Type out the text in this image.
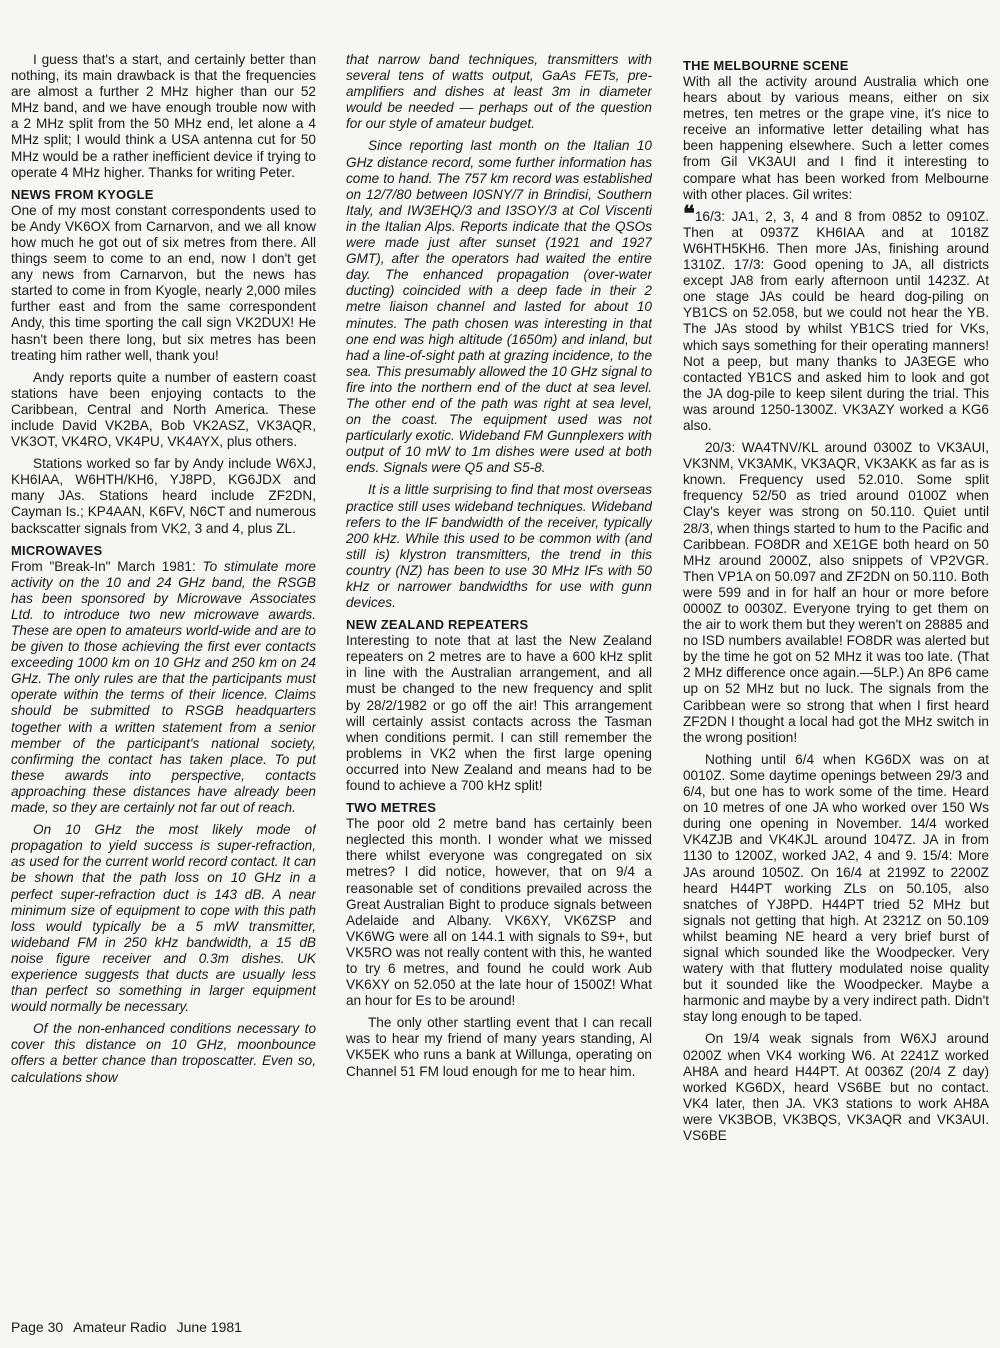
I guess that's a start, and certainly better than nothing, its main drawback is that the frequencies are almost a further 2 MHz higher than our 52 MHz band, and we have enough trouble now with a 2 MHz split from the 50 MHz end, let alone a 4 MHz split; I would think a USA antenna cut for 50 MHz would be a rather inefficient device if trying to operate 4 MHz higher. Thanks for writing Peter.

NEWS FROM KYOGLE

One of my most constant correspondents used to be Andy VK6OX from Carnarvon, and we all know how much he got out of six metres from there. All things seem to come to an end, now I don't get any news from Carnarvon, but the news has started to come in from Kyogle, nearly 2,000 miles further east and from the same correspondent Andy, this time sporting the call sign VK2DUX! He hasn't been there long, but six metres has been treating him rather well, thank you!

Andy reports quite a number of eastern coast stations have been enjoying contacts to the Caribbean, Central and North America. These include David VK2BA, Bob VK2ASZ, VK3AQR, VK3OT, VK4RO, VK4PU, VK4AYX, plus others.

Stations worked so far by Andy include W6XJ, KH6IAA, W6HTH/KH6, YJ8PD, KG6JDX and many JAs. Stations heard include ZF2DN, Cayman Is.; KP4AAN, K6FV, N6CT and numerous backscatter signals from VK2, 3 and 4, plus ZL.

MICROWAVES

From "Break-In" March 1981: To stimulate more activity on the 10 and 24 GHz band, the RSGB has been sponsored by Microwave Associates Ltd. to introduce two new microwave awards. These are open to amateurs world-wide and are to be given to those achieving the first ever contacts exceeding 1000 km on 10 GHz and 250 km on 24 GHz. The only rules are that the participants must operate within the terms of their licence. Claims should be submitted to RSGB headquarters together with a written statement from a senior member of the participant's national society, confirming the contact has taken place. To put these awards into perspective, contacts approaching these distances have already been made, so they are certainly not far out of reach.

On 10 GHz the most likely mode of propagation to yield success is super-refraction, as used for the current world record contact. It can be shown that the path loss on 10 GHz in a perfect super-refraction duct is 143 dB. A near minimum size of equipment to cope with this path loss would typically be a 5 mW transmitter, wideband FM in 250 kHz bandwidth, a 15 dB noise figure receiver and 0.3m dishes. UK experience suggests that ducts are usually less than perfect so something in larger equipment would normally be necessary.

Of the non-enhanced conditions necessary to cover this distance on 10 GHz, moonbounce offers a better chance than troposcatter. Even so, calculations show

that narrow band techniques, transmitters with several tens of watts output, GaAs FETs, pre-amplifiers and dishes at least 3m in diameter would be needed — perhaps out of the question for our style of amateur budget.

Since reporting last month on the Italian 10 GHz distance record, some further information has come to hand. The 757 km record was established on 12/7/80 between I0SNY/7 in Brindisi, Southern Italy, and IW3EHQ/3 and I3SOY/3 at Col Viscenti in the Italian Alps. Reports indicate that the QSOs were made just after sunset (1921 and 1927 GMT), after the operators had waited the entire day. The enhanced propagation (over-water ducting) coincided with a deep fade in their 2 metre liaison channel and lasted for about 10 minutes. The path chosen was interesting in that one end was high altitude (1650m) and inland, but had a line-of-sight path at grazing incidence, to the sea. This presumably allowed the 10 GHz signal to fire into the northern end of the duct at sea level. The other end of the path was right at sea level, on the coast. The equipment used was not particularly exotic. Wideband FM Gunnplexers with output of 10 mW to 1m dishes were used at both ends. Signals were Q5 and S5-8.

It is a little surprising to find that most overseas practice still uses wideband techniques. Wideband refers to the IF bandwidth of the receiver, typically 200 kHz. While this used to be common with (and still is) klystron transmitters, the trend in this country (NZ) has been to use 30 MHz IFs with 50 kHz or narrower bandwidths for use with gunn devices.

NEW ZEALAND REPEATERS

Interesting to note that at last the New Zealand repeaters on 2 metres are to have a 600 kHz split in line with the Australian arrangement, and all must be changed to the new frequency and split by 28/2/1982 or go off the air! This arrangement will certainly assist contacts across the Tasman when conditions permit. I can still remember the problems in VK2 when the first large opening occurred into New Zealand and means had to be found to achieve a 700 kHz split!

TWO METRES

The poor old 2 metre band has certainly been neglected this month. I wonder what we missed there whilst everyone was congregated on six metres? I did notice, however, that on 9/4 a reasonable set of conditions prevailed across the Great Australian Bight to produce signals between Adelaide and Albany. VK6XY, VK6ZSP and VK6WG were all on 144.1 with signals to S9+, but VK5RO was not really content with this, he wanted to try 6 metres, and found he could work Aub VK6XY on 52.050 at the late hour of 1500Z! What an hour for Es to be around!

The only other startling event that I can recall was to hear my friend of many years standing, Al VK5EK who runs a bank at Willunga, operating on Channel 51 FM loud enough for me to hear him.

THE MELBOURNE SCENE

With all the activity around Australia which one hears about by various means, either on six metres, ten metres or the grape vine, it's nice to receive an informative letter detailing what has been happening elsewhere. Such a letter comes from Gil VK3AUI and I find it interesting to compare what has been worked from Melbourne with other places. Gil writes:

❝16/3: JA1, 2, 3, 4 and 8 from 0852 to 0910Z. Then at 0937Z KH6IAA and at 1018Z W6HTH5KH6. Then more JAs, finishing around 1310Z. 17/3: Good opening to JA, all districts except JA8 from early afternoon until 1423Z. At one stage JAs could be heard dog-piling on YB1CS on 52.058, but we could not hear the YB. The JAs stood by whilst YB1CS tried for VKs, which says something for their operating manners! Not a peep, but many thanks to JA3EGE who contacted YB1CS and asked him to look and got the JA dog-pile to keep silent during the trial. This was around 1250-1300Z. VK3AZY worked a KG6 also.

20/3: WA4TNV/KL around 0300Z to VK3AUI, VK3NM, VK3AMK, VK3AQR, VK3AKK as far as is known. Frequency used 52.010. Some split frequency 52/50 as tried around 0100Z when Clay's keyer was strong on 50.110. Quiet until 28/3, when things started to hum to the Pacific and Caribbean. FO8DR and XE1GE both heard on 50 MHz around 2000Z, also snippets of VP2VGR. Then VP1A on 50.097 and ZF2DN on 50.110. Both were 599 and in for half an hour or more before 0000Z to 0030Z. Everyone trying to get them on the air to work them but they weren't on 28885 and no ISD numbers available! FO8DR was alerted but by the time he got on 52 MHz it was too late. (That 2 MHz difference once again.—5LP.) An 8P6 came up on 52 MHz but no luck. The signals from the Caribbean were so strong that when I first heard ZF2DN I thought a local had got the MHz switch in the wrong position!

Nothing until 6/4 when KG6DX was on at 0010Z. Some daytime openings between 29/3 and 6/4, but one has to work some of the time. Heard on 10 metres of one JA who worked over 150 Ws during one opening in November. 14/4 worked VK4ZJB and VK4KJL around 1047Z. JA in from 1130 to 1200Z, worked JA2, 4 and 9. 15/4: More JAs around 1050Z. On 16/4 at 2199Z to 2200Z heard H44PT working ZLs on 50.105, also snatches of YJ8PD. H44PT tried 52 MHz but signals not getting that high. At 2321Z on 50.109 whilst beaming NE heard a very brief burst of signal which sounded like the Woodpecker. Very watery with that fluttery modulated noise quality but it sounded like the Woodpecker. Maybe a harmonic and maybe by a very indirect path. Didn't stay long enough to be taped.

On 19/4 weak signals from W6XJ around 0200Z when VK4 working W6. At 2241Z worked AH8A and heard H44PT. At 0036Z (20/4 Z day) worked KG6DX, heard VS6BE but no contact. VK4 later, then JA. VK3 stations to work AH8A were VK3BOB, VK3BQS, VK3AQR and VK3AUI. VS6BE

Page 30 Amateur Radio June 1981
